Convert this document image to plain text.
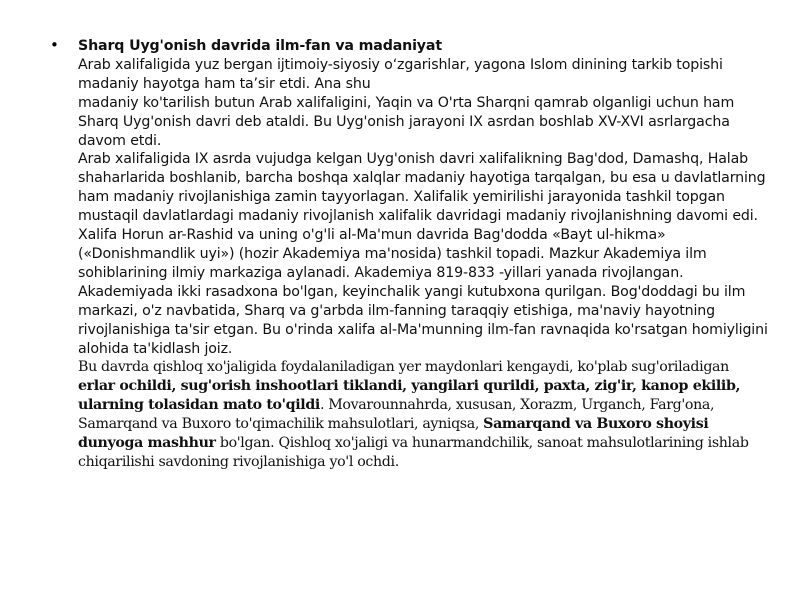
• Sharq Uyg'onish davrida ilm-fan va madaniyat

Arab xalifaligida yuz bergan ijtimoiy-siyosiy o‘zgarishlar, yagona Islom dinining tarkib topishi madaniy hayotga ham ta’sir etdi. Ana shu

madaniy ko'tarilish butun Arab xalifaligini, Yaqin va O'rta Sharqni qamrab olganligi uchun ham Sharq Uyg'onish davri deb ataldi. Bu Uyg'onish jarayoni IX asrdan boshlab XV-XVI asrlargacha davom etdi.

Arab xalifaligida IX asrda vujudga kelgan Uyg'onish davri xalifalikning Bag'dod, Damashq, Halab shaharlarida boshlanib, barcha boshqa xalqlar madaniy hayotiga tarqalgan, bu esa u davlatlarning ham madaniy rivojlanishiga zamin tayyorlagan. Xalifalik yemirilishi jarayonida tashkil topgan mustaqil davlatlardagi madaniy rivojlanish xalifalik davridagi madaniy rivojlanishning davomi edi.

Xalifa Horun ar-Rashid va uning o'g'li al-Ma'mun davrida Bag'dodda «Bayt ul-hikma» («Donishmandlik uyi») (hozir Akademiya ma'nosida) tashkil topadi. Mazkur Akademiya ilm sohiblarining ilmiy markaziga aylanadi. Akademiya 819-833 -yillari yanada rivojlangan. Akademiyada ikki rasadxona bo'lgan, keyinchalik yangi kutubxona qurilgan. Bog'doddagi bu ilm markazi, o'z navbatida, Sharq va g'arbda ilm-fanning taraqqiy etishiga, ma'naviy hayotning rivojlanishiga ta'sir etgan. Bu o'rinda xalifa al-Ma'munning ilm-fan ravnaqida ko'rsatgan homiyligini alohida ta'kidlash joiz.

Bu davrda qishloq xo'jaligida foydalaniladigan yer maydonlari kengaydi, ko'plab sug'oriladigan erlar ochildi, sug'orish inshootlari tiklandi, yangilari qurildi, paxta, zig'ir, kanop ekilib, ularning tolasidan mato to'qildi. Movarounnahrda, xususan, Xorazm, Urganch, Farg'ona, Samarqand va Buxoro to'qimachilik mahsulotlari, ayniqsa, Samarqand va Buxoro shoyisi dunyoga mashhur bo'lgan. Qishloq xo'jaligi va hunarmandchilik, sanoat mahsulotlarining ishlab chiqarilishi savdoning rivojlanishiga yo'l ochdi.
